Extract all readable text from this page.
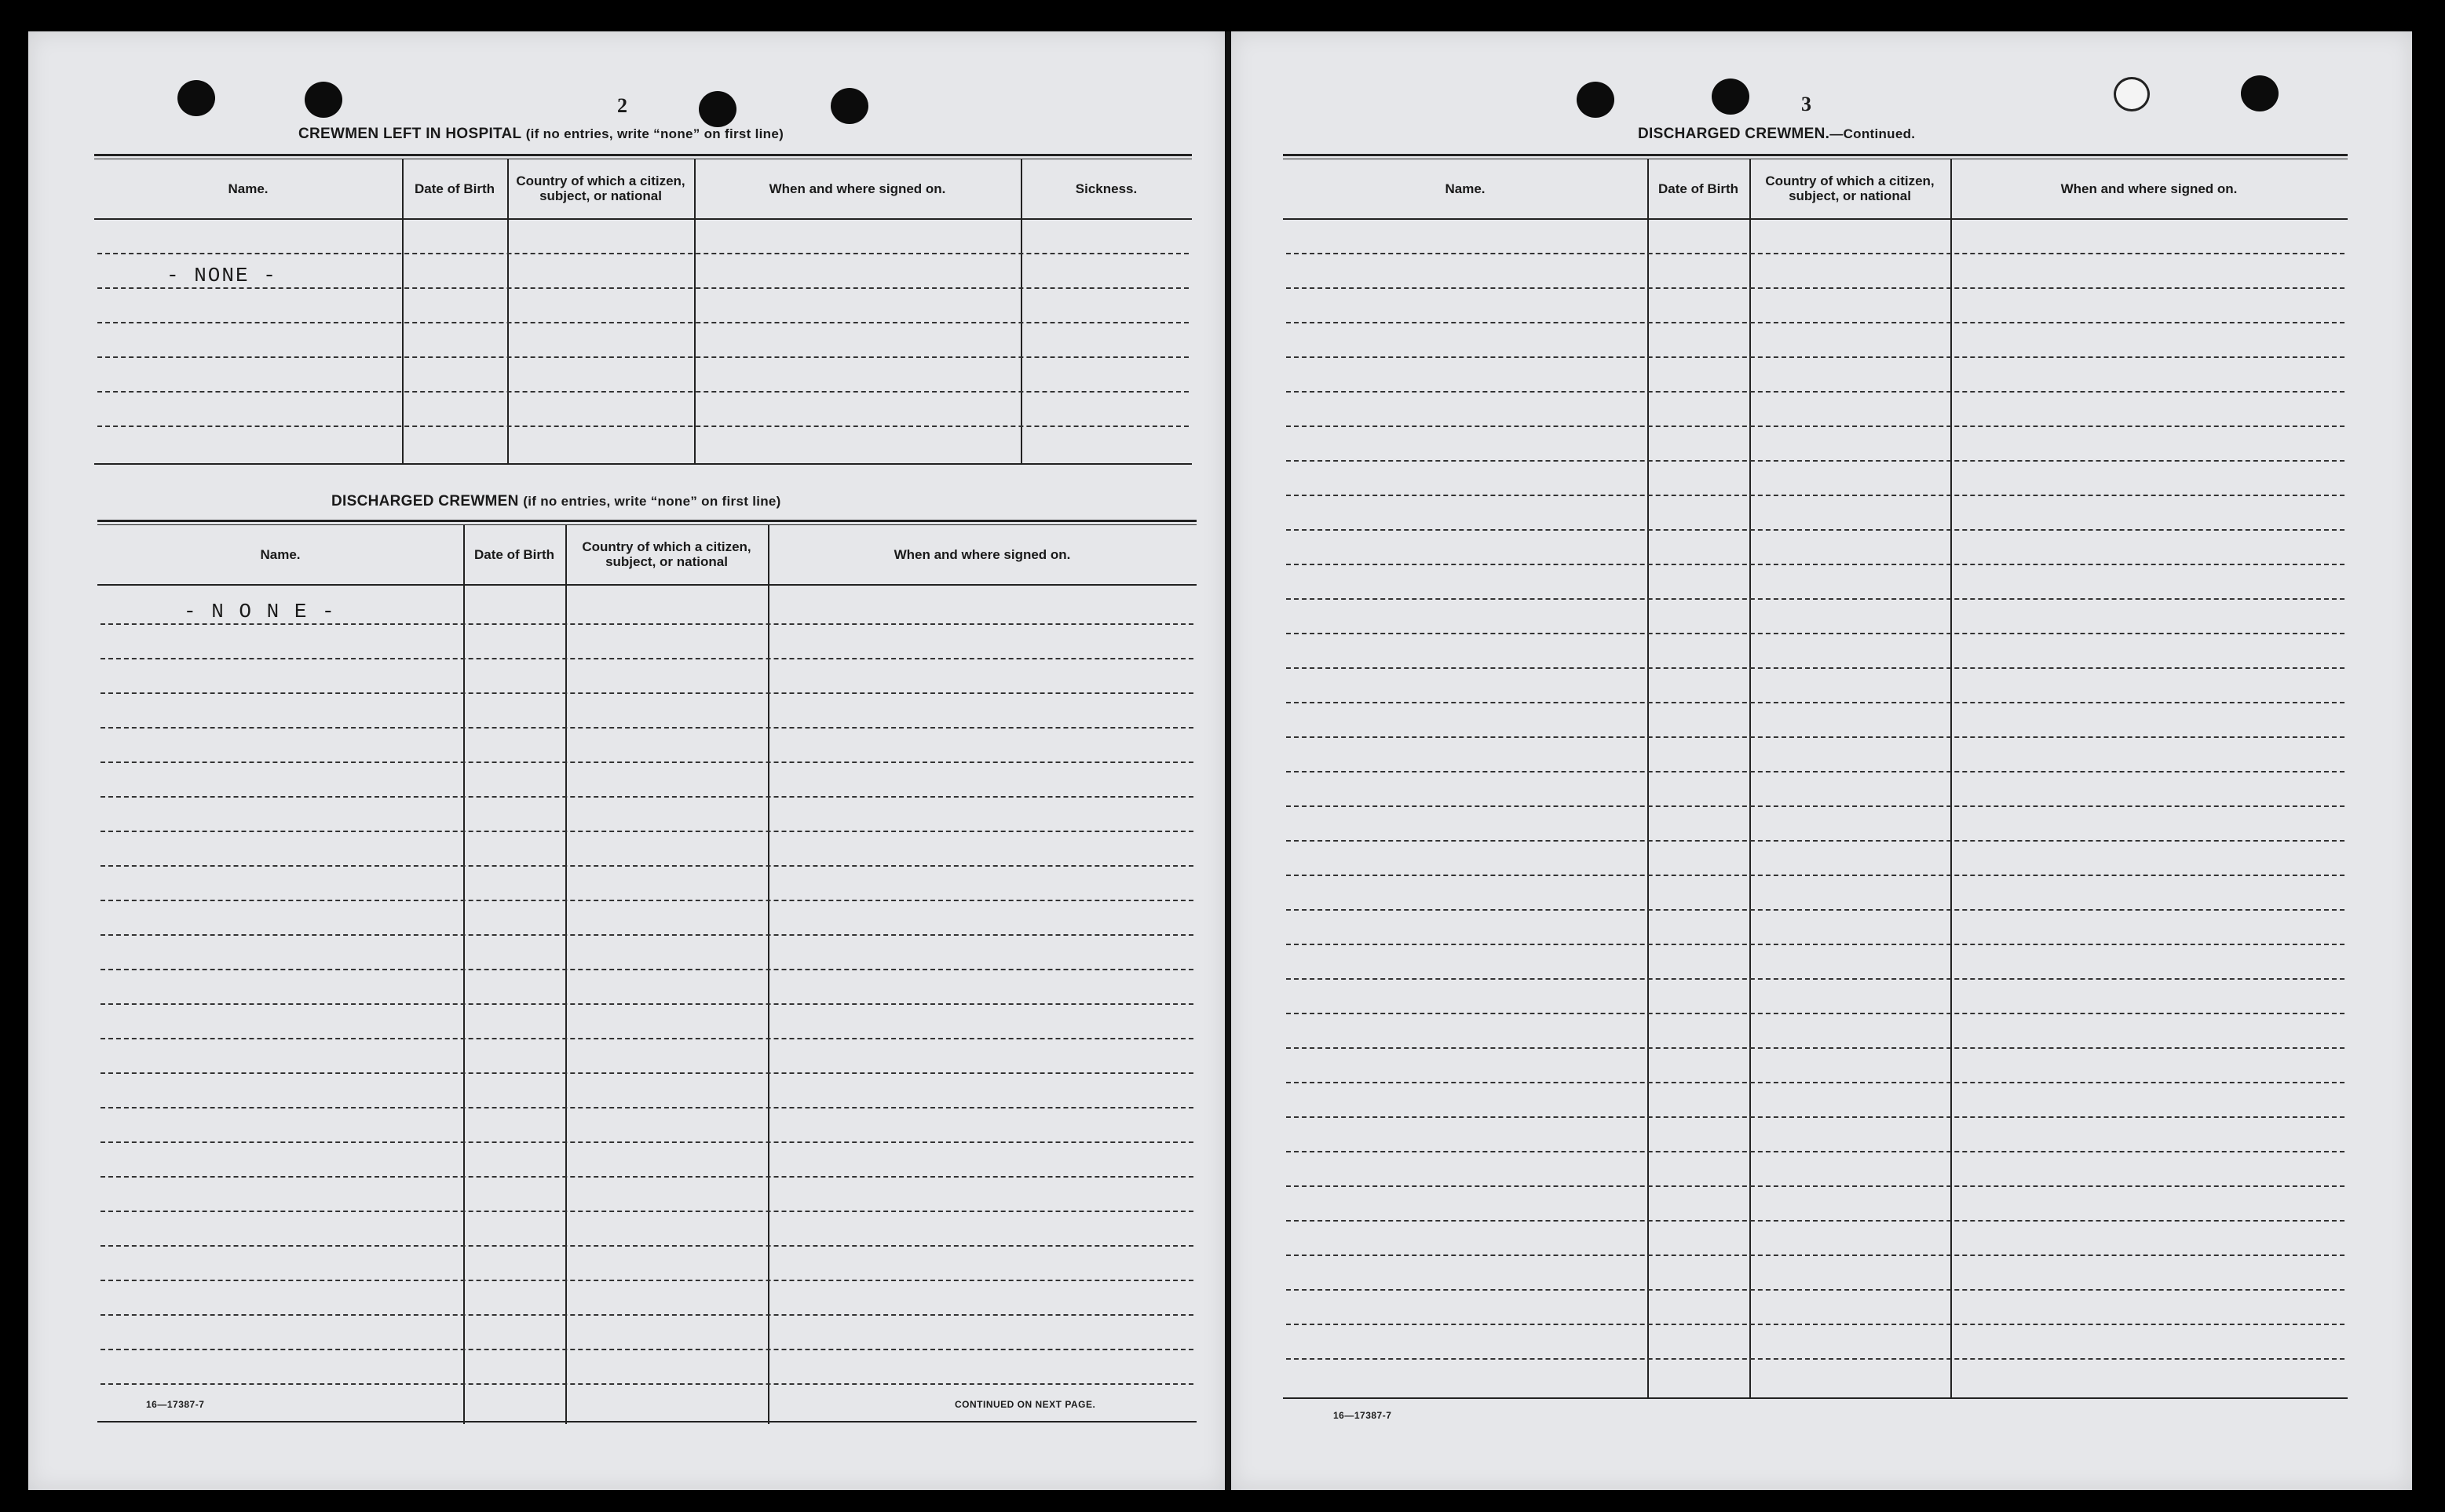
2
CREWMEN LEFT IN HOSPITAL (if no entries, write “none” on first line)
Name.	Date of Birth	Country of which a citizen, subject, or national	When and where signed on.	Sickness.
- NONE -
DISCHARGED CREWMEN (if no entries, write “none” on first line)
Name.	Date of Birth	Country of which a citizen, subject, or national	When and where signed on.
- N O N E -
16—17387-7	CONTINUED ON NEXT PAGE.
3
DISCHARGED CREWMEN.—Continued.
Name.	Date of Birth	Country of which a citizen, subject, or national	When and where signed on.
16—17387-7
